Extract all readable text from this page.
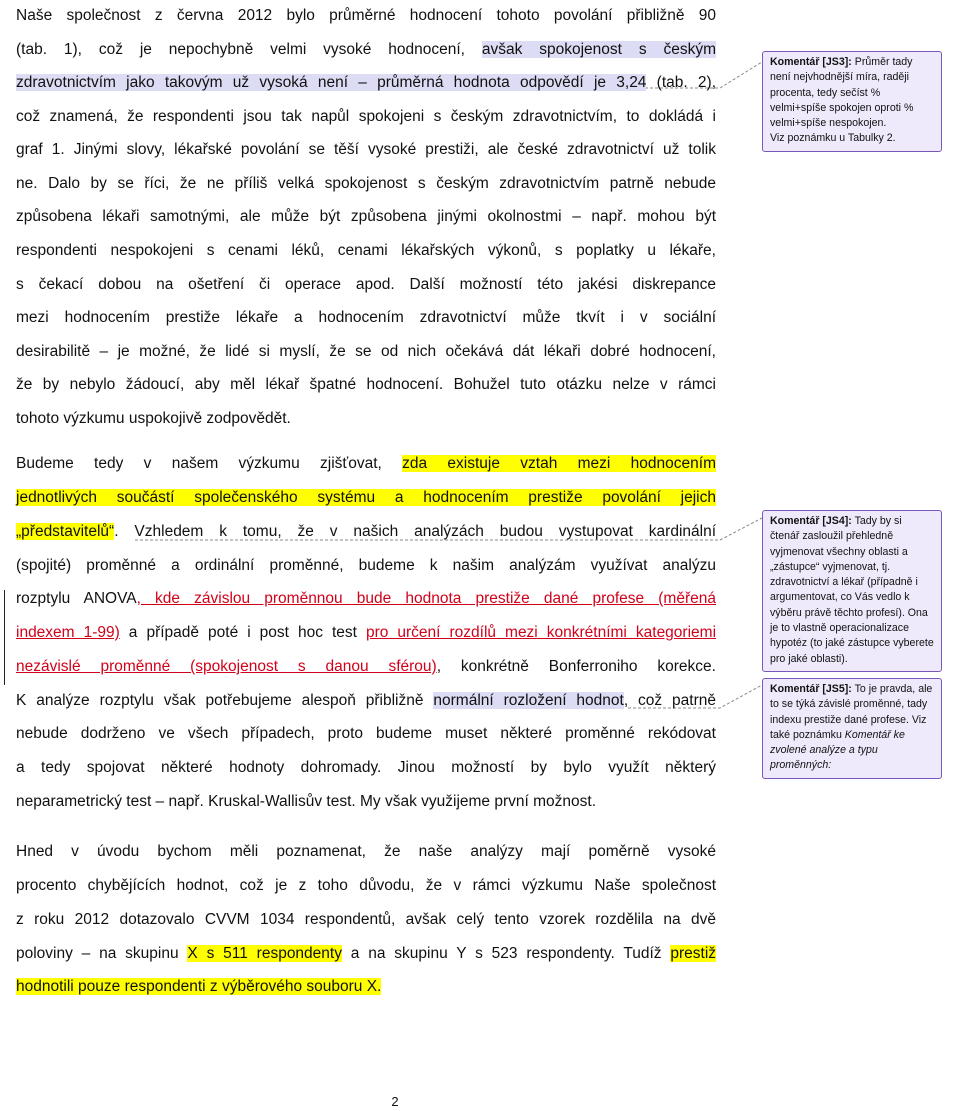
Naše společnost z června 2012 bylo průměrné hodnocení tohoto povolání přibližně 90
(tab. 1), což je nepochybně velmi vysoké hodnocení, avšak spokojenost s českým
zdravotnictvím jako takovým už vysoká není – průměrná hodnota odpovědí je 3,24 (tab. 2),
což znamená, že respondenti jsou tak napůl spokojeni s českým zdravotnictvím, to dokládá i
graf 1. Jinými slovy, lékařské povolání se těší vysoké prestiži, ale české zdravotnictví už tolik
ne. Dalo by se říci, že ne příliš velká spokojenost s českým zdravotnictvím patrně nebude
způsobena lékaři samotnými, ale může být způsobena jinými okolnostmi – např. mohou být
respondenti nespokojeni s cenami léků, cenami lékařských výkonů, s poplatky u lékaře,
s čekací dobou na ošetření či operace apod. Další možností této jakési diskrepance
mezi hodnocením prestiže lékaře a hodnocením zdravotnictví může tkvít i v sociální
desirabilitě – je možné, že lidé si myslí, že se od nich očekává dát lékaři dobré hodnocení,
že by nebylo žádoucí, aby měl lékař špatné hodnocení. Bohužel tuto otázku nelze v rámci
tohoto výzkumu uspokojivě zodpovědět.
Budeme tedy v našem výzkumu zjišťovat, zda existuje vztah mezi hodnocením
jednotlivých součástí společenského systému a hodnocením prestiže povolání jejich
„představitelů“. Vzhledem k tomu, že v našich analýzách budou vystupovat kardinální
(spojité) proměnné a ordinální proměnné, budeme k našim analýzám využívat analýzu
rozptylu ANOVA, kde závislou proměnnou bude hodnota prestiže dané profese (měřená
indexem 1-99) a případě poté i post hoc test pro určení rozdílů mezi konkrétními kategoriemi
nezávislé proměnné (spokojenost s danou sférou), konkrétně Bonferroniho korekce.
K analýze rozptylu však potřebujeme alespoň přibližně normální rozložení hodnot, což patrně
nebude dodrženo ve všech případech, proto budeme muset některé proměnné rekódovat
a tedy spojovat některé hodnoty dohromady. Jinou možností by bylo využít některý
neparametrický test – např. Kruskal-Wallisův test. My však využijeme první možnost.
Hned v úvodu bychom měli poznamenat, že naše analýzy mají poměrně vysoké
procento chybějících hodnot, což je z toho důvodu, že v rámci výzkumu Naše společnost
z roku 2012 dotazovalo CVVM 1034 respondentů, avšak celý tento vzorek rozdělila na dvě
poloviny – na skupinu X s 511 respondenty a na skupinu Y s 523 respondenty. Tudíž prestiž
hodnotili pouze respondenti z výběrového souboru X.
Komentář [JS3]: Průměr tady není nejvhodnější míra, raději procenta, tedy sečíst % velmi+spíše spokojen oproti % velmi+spíše nespokojen.
Viz poznámku u Tabulky 2.
Komentář [JS4]: Tady by si čtenář zasloužil přehledně vyjmenovat všechny oblasti a „zástupce“ vyjmenovat, tj. zdravotnictví a lékař (případně i argumentovat, co Vás vedlo k výběru právě těchto profesí). Ona je to vlastně operacionalizace hypotéz (to jaké zástupce vyberete pro jaké oblasti).
Komentář [JS5]: To je pravda, ale to se týká závislé proměnné, tady indexu prestiže dané profese. Viz také poznámku Komentář ke zvolené analýze a typu proměnných:
2
